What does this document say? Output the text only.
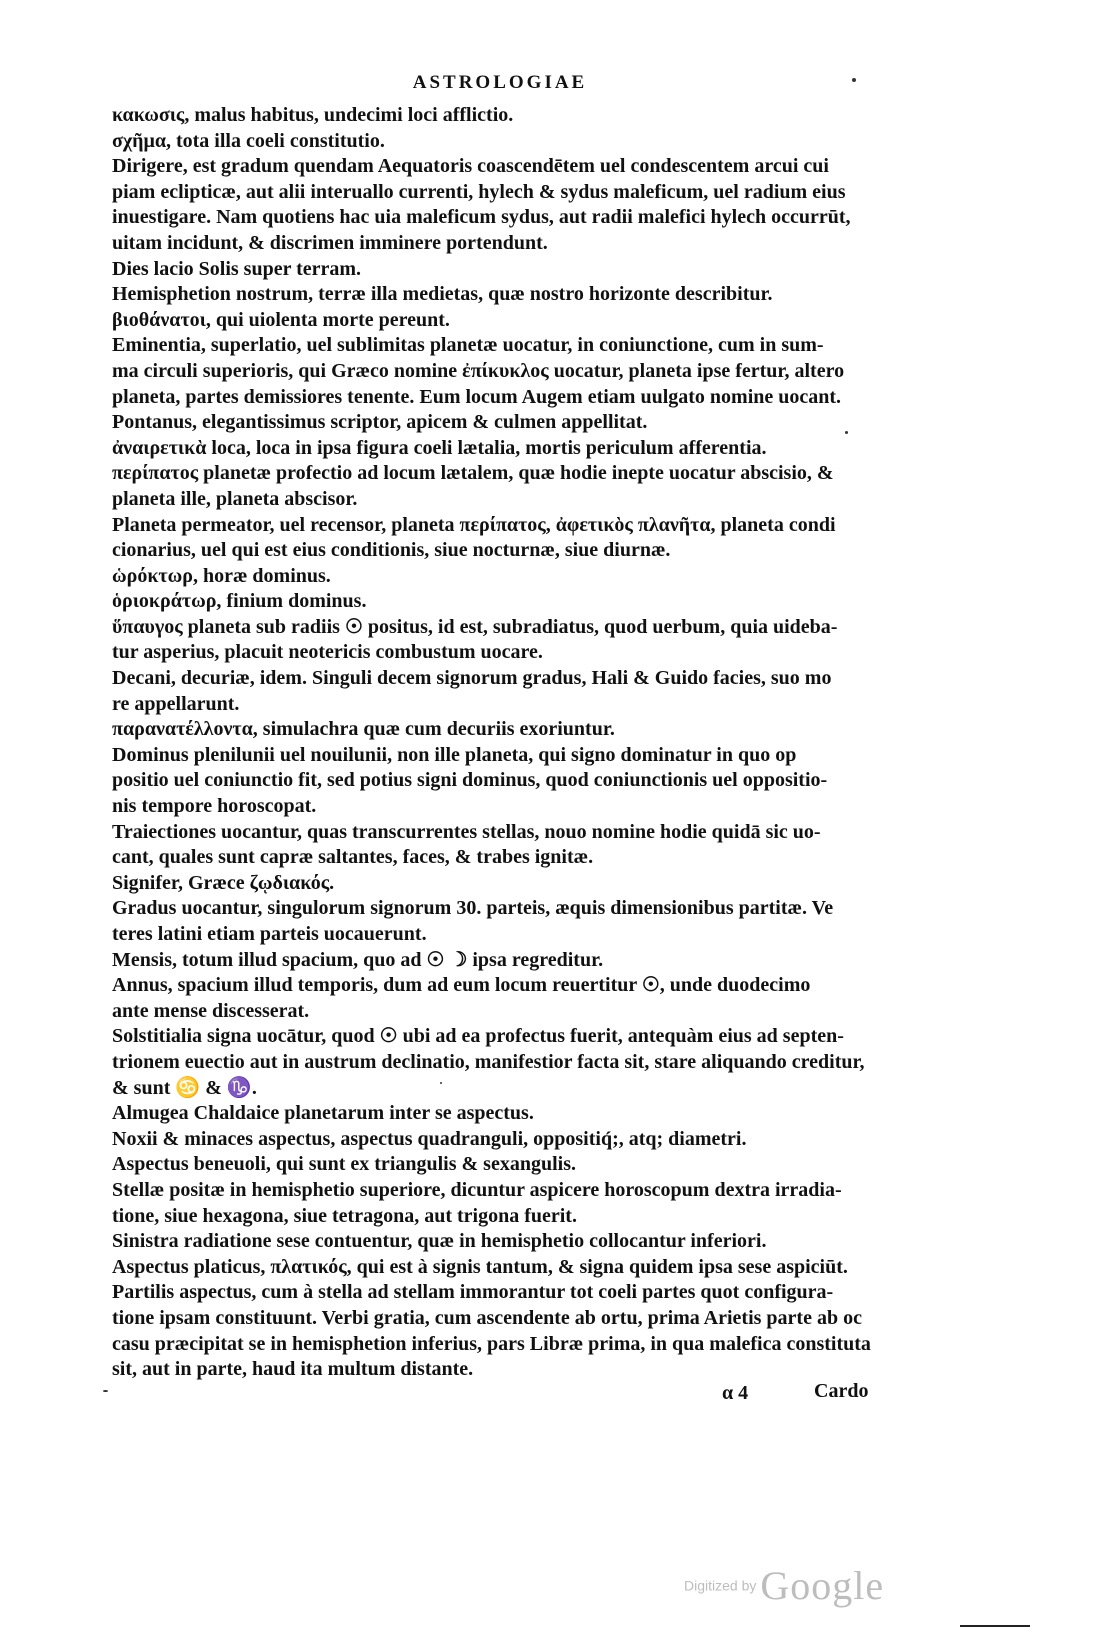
ASTROLOGIAE
κακωσις, malus habitus, undecimi loci afflictio.
σχῆμα, tota illa coeli constitutio.
Dirigere, est gradum quendam Aequatoris coascendētem uel condescentem arcui cui
piam eclipticæ, aut alii interuallo currenti, hylech & sydus maleficum, uel radium eius
inuestigare. Nam quotiens hac uia maleficum sydus, aut radii malefici hylech occurrūt,
uitam incidunt, & discrimen imminere portendunt.
Dies lacio Solis super terram.
Hemisphetion nostrum, terræ illa medietas, quæ nostro horizonte describitur.
βιοθάνατοι, qui uiolenta morte pereunt.
Eminentia, superlatio, uel sublimitas planetæ uocatur, in coniunctione, cum in sum-
ma circuli superioris, qui Græco nomine ἐπίκυκλος uocatur, planeta ipse fertur, altero
planeta, partes demissiores tenente. Eum locum Augem etiam uulgato nomine uocant.
Pontanus, elegantissimus scriptor, apicem & culmen appellitat.
ἀναιρετικὰ loca, loca in ipsa figura coeli lætalia, mortis periculum afferentia.
περίπατος planetæ profectio ad locum lætalem, quæ hodie inepte uocatur abscisio, &
planeta ille, planeta abscisor.
Planeta permeator, uel recensor, planeta περίπατος, ἀφετικὸς πλανῆτα, planeta condi
cionarius, uel qui est eius conditionis, siue nocturnæ, siue diurnæ.
ὡρόκτωρ, horæ dominus.
ὁριοκράτωρ, finium dominus.
ὕπαυγος planeta sub radiis ☉ positus, id est, subradiatus, quod uerbum, quia uideba-
tur asperius, placuit neotericis combustum uocare.
Decani, decuriæ, idem. Singuli decem signorum gradus, Hali & Guido facies, suo mo
re appellarunt.
παρανατέλλοντα, simulachra quæ cum decuriis exoriuntur.
Dominus plenilunii uel nouilunii, non ille planeta, qui signo dominatur in quo op
positio uel coniunctio fit, sed potius signi dominus, quod coniunctionis uel oppositio-
nis tempore horoscopat.
Traiectiones uocantur, quas transcurrentes stellas, nouo nomine hodie quidā sic uo-
cant, quales sunt capræ saltantes, faces, & trabes ignitæ.
Signifer, Græce ζῳδιακός.
Gradus uocantur, singulorum signorum 30. parteis, æquis dimensionibus partitæ. Ve
teres latini etiam parteis uocauerunt.
Mensis, totum illud spacium, quo ad ☉ ☽ ipsa regreditur.
Annus, spacium illud temporis, dum ad eum locum reuertitur ☉, unde duodecimo
ante mense discesserat.
Solstitialia signa uocātur, quod ☉ ubi ad ea profectus fuerit, antequàm eius ad septen-
trionem euectio aut in austrum declinatio, manifestior facta sit, stare aliquando creditur,
& sunt ♋ & ♑.
Almugea Chaldaice planetarum inter se aspectus.
Noxii & minaces aspectus, aspectus quadranguli, oppositiq́;, atq; diametri.
Aspectus beneuoli, qui sunt ex triangulis & sexangulis.
Stellæ positæ in hemisphetio superiore, dicuntur aspicere horoscopum dextra irradia-
tione, siue hexagona, siue tetragona, aut trigona fuerit.
Sinistra radiatione sese contuentur, quæ in hemisphetio collocantur inferiori.
Aspectus platicus, πλατικός, qui est à signis tantum, & signa quidem ipsa sese aspiciūt.
Partilis aspectus, cum à stella ad stellam immorantur tot coeli partes quot configura-
tione ipsam constituunt. Verbi gratia, cum ascendente ab ortu, prima Arietis parte ab oc
casu præcipitat se in hemisphetion inferius, pars Libræ prima, in qua malefica constituta
sit, aut in parte, haud ita multum distante.
α 4	Cardo
Digitized by Google
